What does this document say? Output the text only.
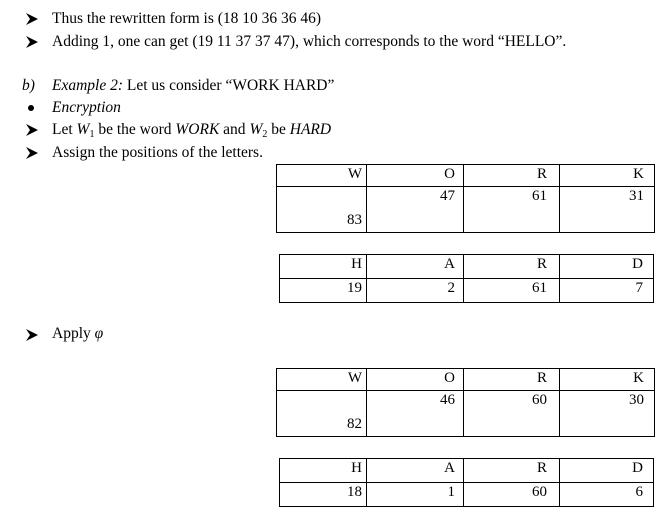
Thus the rewritten form is (18 10 36 36 46)
Adding 1, one can get (19 11 37 37 47), which corresponds to the word “HELLO”.
b) Example 2: Let us consider “WORK HARD”
Encryption
Let $W_1$ be the word WORK and $W_2$ be HARD
Assign the positions of the letters.
W	O	R	K
83	47	61	31
H	A	R	D
19	2	61	7
Apply φ
W	O	R	K
82	46	60	30
H	A	R	D
18	1	60	6
